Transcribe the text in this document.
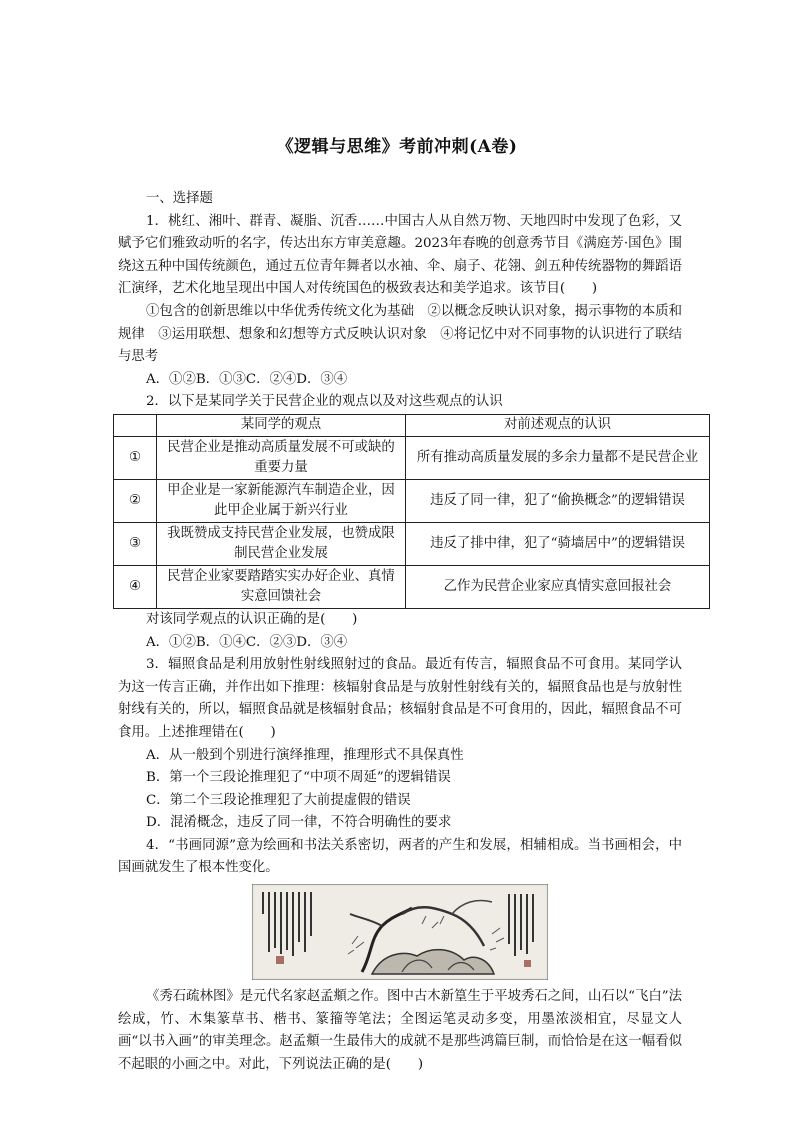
《逻辑与思维》考前冲刺(A卷)
一、选择题

1．桃红、湘叶、群青、凝脂、沉香……中国古人从自然万物、天地四时中发现了色彩，又赋予它们雅致动听的名字，传达出东方审美意趣。2023年春晚的创意秀节目《满庭芳·国色》围绕这五种中国传统颜色，通过五位青年舞者以水袖、伞、扇子、花翎、剑五种传统器物的舞蹈语汇演绎，艺术化地呈现出中国人对传统国色的极致表达和美学追求。该节目(　　)

①包含的创新思维以中华优秀传统文化为基础　②以概念反映认识对象，揭示事物的本质和规律　③运用联想、想象和幻想等方式反映认识对象　④将记忆中对不同事物的认识进行了联结与思考

A．①②B．①③C．②④D．③④

2．以下是某同学关于民营企业的观点以及对这些观点的认识

	某同学的观点	对前述观点的认识
①	民营企业是推动高质量发展不可或缺的重要力量	所有推动高质量发展的多余力量都不是民营企业
②	甲企业是一家新能源汽车制造企业，因此甲企业属于新兴行业	违反了同一律，犯了“偷换概念”的逻辑错误
③	我既赞成支持民营企业发展，也赞成限制民营企业发展	违反了排中律，犯了“骑墙居中”的逻辑错误
④	民营企业家要踏踏实实办好企业、真情实意回馈社会	乙作为民营企业家应真情实意回报社会

对该同学观点的认识正确的是(　　)

A．①②B．①④C．②③D．③④

3．辐照食品是利用放射性射线照射过的食品。最近有传言，辐照食品不可食用。某同学认为这一传言正确，并作出如下推理：核辐射食品是与放射性射线有关的，辐照食品也是与放射性射线有关的，所以，辐照食品就是核辐射食品；核辐射食品是不可食用的，因此，辐照食品不可食用。上述推理错在(　　)

A．从一般到个别进行演绎推理，推理形式不具保真性

B．第一个三段论推理犯了“中项不周延”的逻辑错误

C．第二个三段论推理犯了大前提虚假的错误

D．混淆概念，违反了同一律，不符合明确性的要求

4．“书画同源”意为绘画和书法关系密切，两者的产生和发展，相辅相成。当书画相会，中国画就发生了根本性变化。

《秀石疏林图》是元代名家赵孟頫之作。图中古木新篁生于平坡秀石之间，山石以“飞白”法绘成，竹、木集篆草书、楷书、篆籀等笔法；全图运笔灵动多变，用墨浓淡相宜，尽显文人画“以书入画”的审美理念。赵孟頫一生最伟大的成就不是那些鸿篇巨制，而恰恰是在这一幅看似不起眼的小画之中。对此，下列说法正确的是(　　)
